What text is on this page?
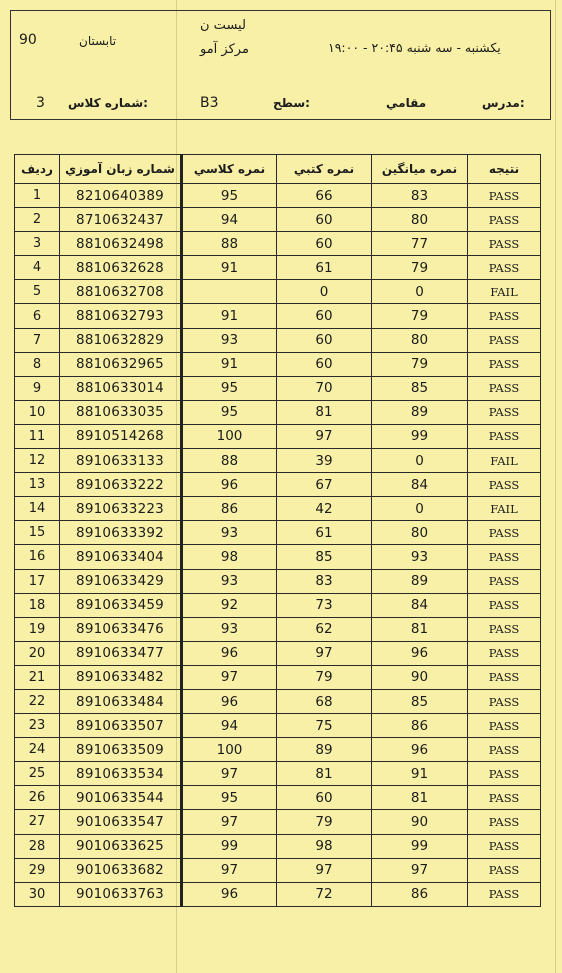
لیست ن
مرکز آمو
90	تابستان	یکشنبه - سه شنبه ۲۰:۴۵ - ۱۹:۰۰
مدرس:
مقامي
سطح:
B3
شماره کلاس:
3
رديف	شماره زبان آموزي	نمره كلاسي	نمره كتبي	نمره ميانگين	نتيجه
1	8210640389	95	66	83	PASS
2	8710632437	94	60	80	PASS
3	8810632498	88	60	77	PASS
4	8810632628	91	61	79	PASS
5	8810632708		0	0	FAIL
6	8810632793	91	60	79	PASS
7	8810632829	93	60	80	PASS
8	8810632965	91	60	79	PASS
9	8810633014	95	70	85	PASS
10	8810633035	95	81	89	PASS
11	8910514268	100	97	99	PASS
12	8910633133	88	39	0	FAIL
13	8910633222	96	67	84	PASS
14	8910633223	86	42	0	FAIL
15	8910633392	93	61	80	PASS
16	8910633404	98	85	93	PASS
17	8910633429	93	83	89	PASS
18	8910633459	92	73	84	PASS
19	8910633476	93	62	81	PASS
20	8910633477	96	97	96	PASS
21	8910633482	97	79	90	PASS
22	8910633484	96	68	85	PASS
23	8910633507	94	75	86	PASS
24	8910633509	100	89	96	PASS
25	8910633534	97	81	91	PASS
26	9010633544	95	60	81	PASS
27	9010633547	97	79	90	PASS
28	9010633625	99	98	99	PASS
29	9010633682	97	97	97	PASS
30	9010633763	96	72	86	PASS
